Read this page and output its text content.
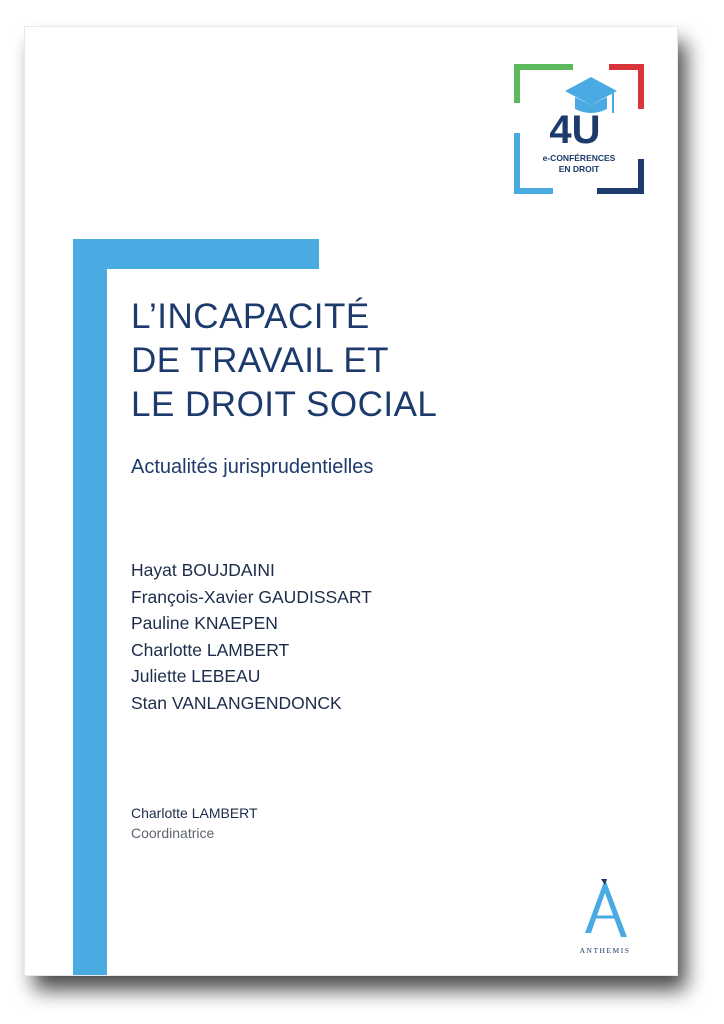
4U
e-CONFÉRENCES
EN DROIT
L’INCAPACITÉ
DE TRAVAIL ET
LE DROIT SOCIAL
Actualités jurisprudentielles
Hayat BOUJDAINI
François-Xavier GAUDISSART
Pauline KNAEPEN
Charlotte LAMBERT
Juliette LEBEAU
Stan VANLANGENDONCK
Charlotte LAMBERT
Coordinatrice
ANTHEMIS
